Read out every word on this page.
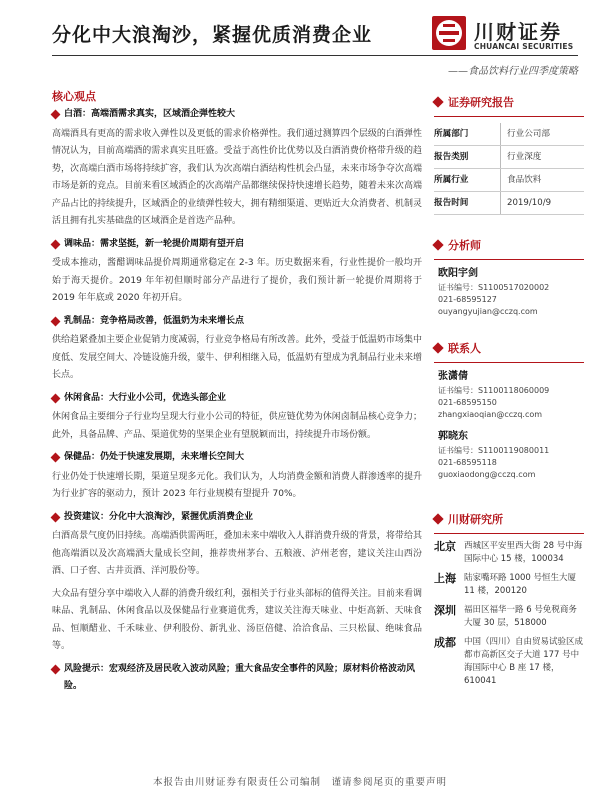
分化中大浪淘沙，紧握优质消费企业	川财证券
CHUANCAI SECURITIES
——食品饮料行业四季度策略
核心观点
白酒：高端酒需求真实，区域酒企弹性较大

高端酒具有更高的需求收入弹性以及更低的需求价格弹性。我们通过测算四个层级的白酒弹性情况认为，目前高端酒的需求真实且旺盛。受益于高性价比优势以及白酒消费价格带升级的趋势，次高端白酒市场将持续扩容，我们认为次高端白酒结构性机会凸显，未来市场争夺次高端市场是新的竞点。目前来看区域酒企的次高端产品都继续保持快速增长趋势，随着未来次高端产品占比的持续提升，区域酒企的业绩弹性较大，拥有精细渠道、更贴近大众消费者、机制灵活且拥有扎实基础盘的区域酒企是首选产品种。

调味品：需求坚挺，新一轮提价周期有望开启

受成本推动，酱醋调味品提价周期通常稳定在 2-3 年。历史数据来看，行业性提价一般均开始于海天提价。2019 年年初但顺时部分产品进行了提价，我们预计新一轮提价周期将于 2019 年年底或 2020 年初开启。

乳制品：竞争格局改善，低温奶为未来增长点

供给趋紧叠加主要企业促销力度减弱，行业竞争格局有所改善。此外，受益于低温奶市场集中度低、发展空间大、冷链设施升级，蒙牛、伊利相继入局，低温奶有望成为乳制品行业未来增长点。

休闲食品：大行业小公司，优选头部企业

休闲食品主要细分子行业均呈现大行业小公司的特征，供应链优势为休闲卤制品核心竞争力；此外，具备品牌、产品、渠道优势的坚果企业有望脱颖而出，持续提升市场份额。

保健品：仍处于快速发展期，未来增长空间大

行业仍处于快速增长期，渠道呈现多元化。我们认为，人均消费金额和消费人群渗透率的提升为行业扩容的驱动力，预计 2023 年行业规模有望提升 70%。

投资建议：分化中大浪淘沙，紧握优质消费企业

白酒高景气度仍旧持续。高端酒供需两旺，叠加未来中端收入人群消费升级的背景，将带给其他高端酒以及次高端酒大量成长空间，推荐贵州茅台、五粮液、泸州老窖，建议关注山西汾酒、口子窖、古井贡酒、洋河股份等。

大众品有望分享中端收入人群的消费升级红利，强相关于行业头部标的值得关注。目前来看调味品、乳制品、休闲食品以及保健品行业赛道优秀，建议关注海天味业、中炬高新、天味食品、恒顺醋业、千禾味业、伊利股份、新乳业、汤臣倍健、洽洽食品、三只松鼠、绝味食品等。

风险提示：宏观经济及居民收入波动风险；重大食品安全事件的风险；原材料价格波动风险。
证券研究报告
所属部门	行业公司部
报告类别	行业深度
所属行业	食品饮料
报告时间	2019/10/9
分析师
欧阳宇剑
证书编号：S1100517020002
021-68595127
ouyangyujian@cczq.com
联系人
张潇倩
证书编号：S1100118060009
021-68595150
zhangxiaoqian@cczq.com
郭晓东
证书编号：S1100119080011
021-68595118
guoxiaodong@cczq.com
川财研究所
北京 西城区平安里西大街 28 号中海国际中心 15 楼，100034
上海 陆家嘴环路 1000 号恒生大厦 11 楼，200120
深圳 福田区福华一路 6 号免税商务大厦 30 层，518000
成都 中国（四川）自由贸易试验区成都市高新区交子大道 177 号中海国际中心 B 座 17 楼，610041
本报告由川财证券有限责任公司编制　谨请参阅尾页的重要声明
